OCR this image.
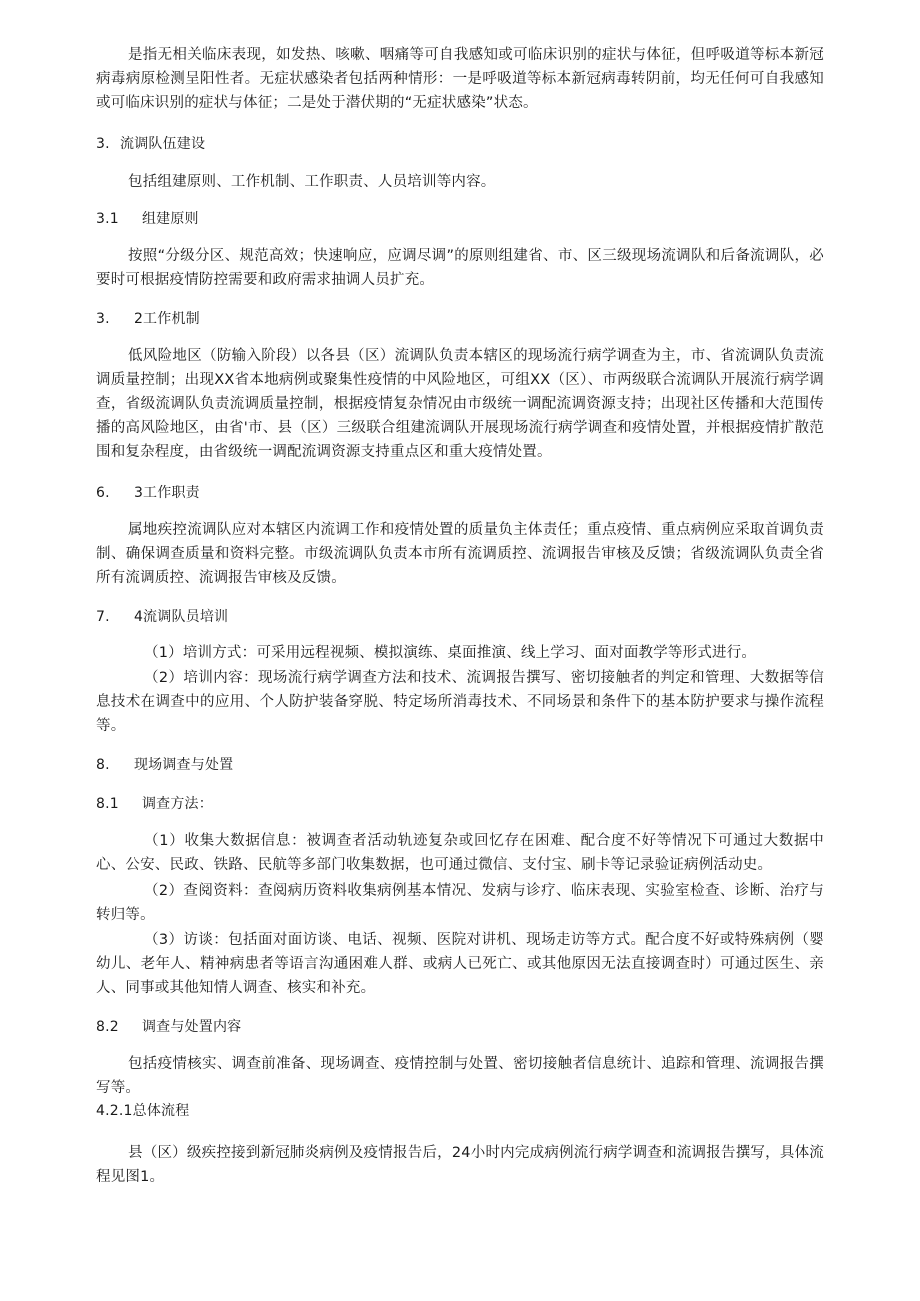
是指无相关临床表现，如发热、咳嗽、咽痛等可自我感知或可临床识别的症状与体征，但呼吸道等标本新冠病毒病原检测呈阳性者。无症状感染者包括两种情形：一是呼吸道等标本新冠病毒转阴前，均无任何可自我感知或可临床识别的症状与体征；二是处于潜伏期的“无症状感染”状态。

3. 流调队伍建设

包括组建原则、工作机制、工作职责、人员培训等内容。

3.1 组建原则

按照“分级分区、规范高效；快速响应，应调尽调”的原则组建省、市、区三级现场流调队和后备流调队，必要时可根据疫情防控需要和政府需求抽调人员扩充。

3. 2工作机制

低风险地区（防输入阶段）以各县（区）流调队负责本辖区的现场流行病学调查为主，市、省流调队负责流调质量控制；出现XX省本地病例或聚集性疫情的中风险地区，可组XX（区）、市两级联合流调队开展流行病学调查，省级流调队负责流调质量控制，根据疫情复杂情况由市级统一调配流调资源支持；出现社区传播和大范围传播的高风险地区，由省'市、县（区）三级联合组建流调队开展现场流行病学调查和疫情处置，并根据疫情扩散范围和复杂程度，由省级统一调配流调资源支持重点区和重大疫情处置。

6. 3工作职责

属地疾控流调队应对本辖区内流调工作和疫情处置的质量负主体责任；重点疫情、重点病例应采取首调负责制、确保调查质量和资料完整。市级流调队负责本市所有流调质控、流调报告审核及反馈；省级流调队负责全省所有流调质控、流调报告审核及反馈。

7. 4流调队员培训

（1）培训方式：可采用远程视频、模拟演练、桌面推演、线上学习、面对面教学等形式进行。

（2）培训内容：现场流行病学调查方法和技术、流调报告撰写、密切接触者的判定和管理、大数据等信息技术在调查中的应用、个人防护装备穿脱、特定场所消毒技术、不同场景和条件下的基本防护要求与操作流程等。

8. 现场调查与处置

8.1 调查方法：

（1）收集大数据信息：被调查者活动轨迹复杂或回忆存在困难、配合度不好等情况下可通过大数据中心、公安、民政、铁路、民航等多部门收集数据，也可通过微信、支付宝、刷卡等记录验证病例活动史。

（2）查阅资料：查阅病历资料收集病例基本情况、发病与诊疗、临床表现、实验室检查、诊断、治疗与转归等。

（3）访谈：包括面对面访谈、电话、视频、医院对讲机、现场走访等方式。配合度不好或特殊病例（婴幼儿、老年人、精神病患者等语言沟通困难人群、或病人已死亡、或其他原因无法直接调查时）可通过医生、亲人、同事或其他知情人调查、核实和补充。

8.2 调查与处置内容

包括疫情核实、调查前准备、现场调查、疫情控制与处置、密切接触者信息统计、追踪和管理、流调报告撰写等。

4.2.1总体流程

县（区）级疾控接到新冠肺炎病例及疫情报告后，24小时内完成病例流行病学调查和流调报告撰写，具体流程见图1。
